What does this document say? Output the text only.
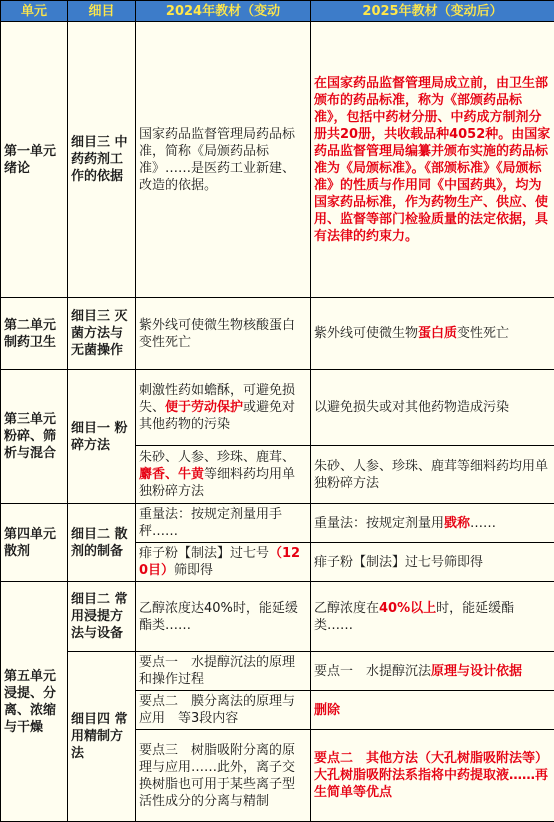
单元	细目	2024年教材（变动	2025年教材（变动后）
第一单元 绪论	细目三 中药药剂工作的依据	国家药品监督管理局药品标准，简称《局颁药品标准》……是医药工业新建、改造的依据。	在国家药品监督管理局成立前，由卫生部颁布的药品标准，称为《部颁药品标准》，包括中药材分册、中药成方制剂分册共20册，共收载品种4052种。由国家药品监督管理局编纂并颁布实施的药品标准为《局颁标准》。《部颁标准》《局颁标准》的性质与作用同《中国药典》，均为国家药品标准，作为药物生产、供应、使用、监督等部门检验质量的法定依据，具有法律的约束力。
第二单元 制药卫生	细目三 灭菌方法与无菌操作	紫外线可使微生物核酸蛋白变性死亡	紫外线可使微生物蛋白质变性死亡
第三单元 粉碎、筛析与混合	细目一 粉碎方法	刺激性药如蟾酥，可避免损失、便于劳动保护或避免对其他药物的污染	以避免损失或对其他药物造成污染
		朱砂、人参、珍珠、鹿茸、麝香、牛黄等细料药均用单独粉碎方法	朱砂、人参、珍珠、鹿茸等细料药均用单独粉碎方法
第四单元 散剂	细目二 散剂的制备	重量法：按规定剂量用手秤……	重量法：按规定剂量用戥称……
		痱子粉【制法】过七号（120目）筛即得	痱子粉【制法】过七号筛即得
第五单元 浸提、分离、浓缩与干燥	细目二 常用浸提方法与设备	乙醇浓度达40%时，能延缓酯类……	乙醇浓度在40%以上时，能延缓酯类……
	细目四 常用精制方法	要点一　水提醇沉法的原理和操作过程	要点一　水提醇沉法原理与设计依据
		要点二　膜分离法的原理与应用　等3段内容	删除
		要点三　树脂吸附分离的原理与应用……此外，离子交换树脂也可用于某些离子型活性成分的分离与精制	要点二　其他方法（大孔树脂吸附法等）大孔树脂吸附法系指将中药提取液……再生简单等优点
